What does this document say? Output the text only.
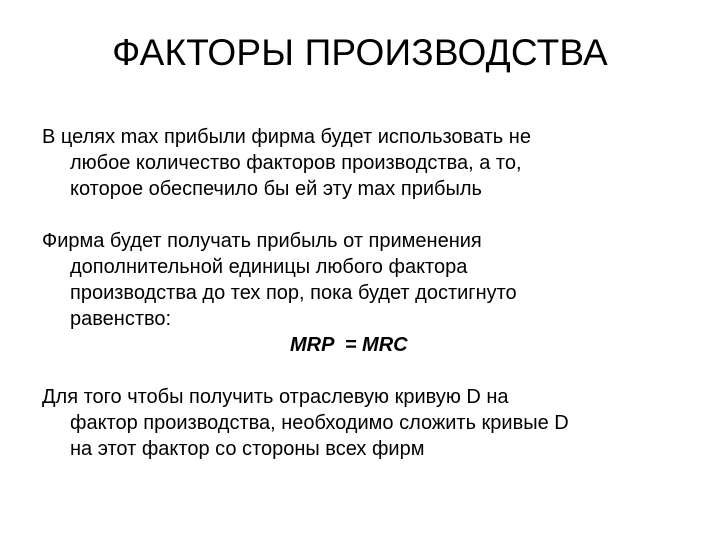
ФАКТОРЫ ПРОИЗВОДСТВА
В целях max прибыли фирма будет использовать не
любое количество факторов производства, а то,
которое обеспечило бы ей эту max прибыль
Фирма будет получать прибыль от применения
дополнительной единицы любого фактора
производства до тех пор, пока будет достигнуто
равенство:
MRP  = MRC
Для того чтобы получить отраслевую кривую D на
фактор производства, необходимо сложить кривые D
на этот фактор со стороны всех фирм
